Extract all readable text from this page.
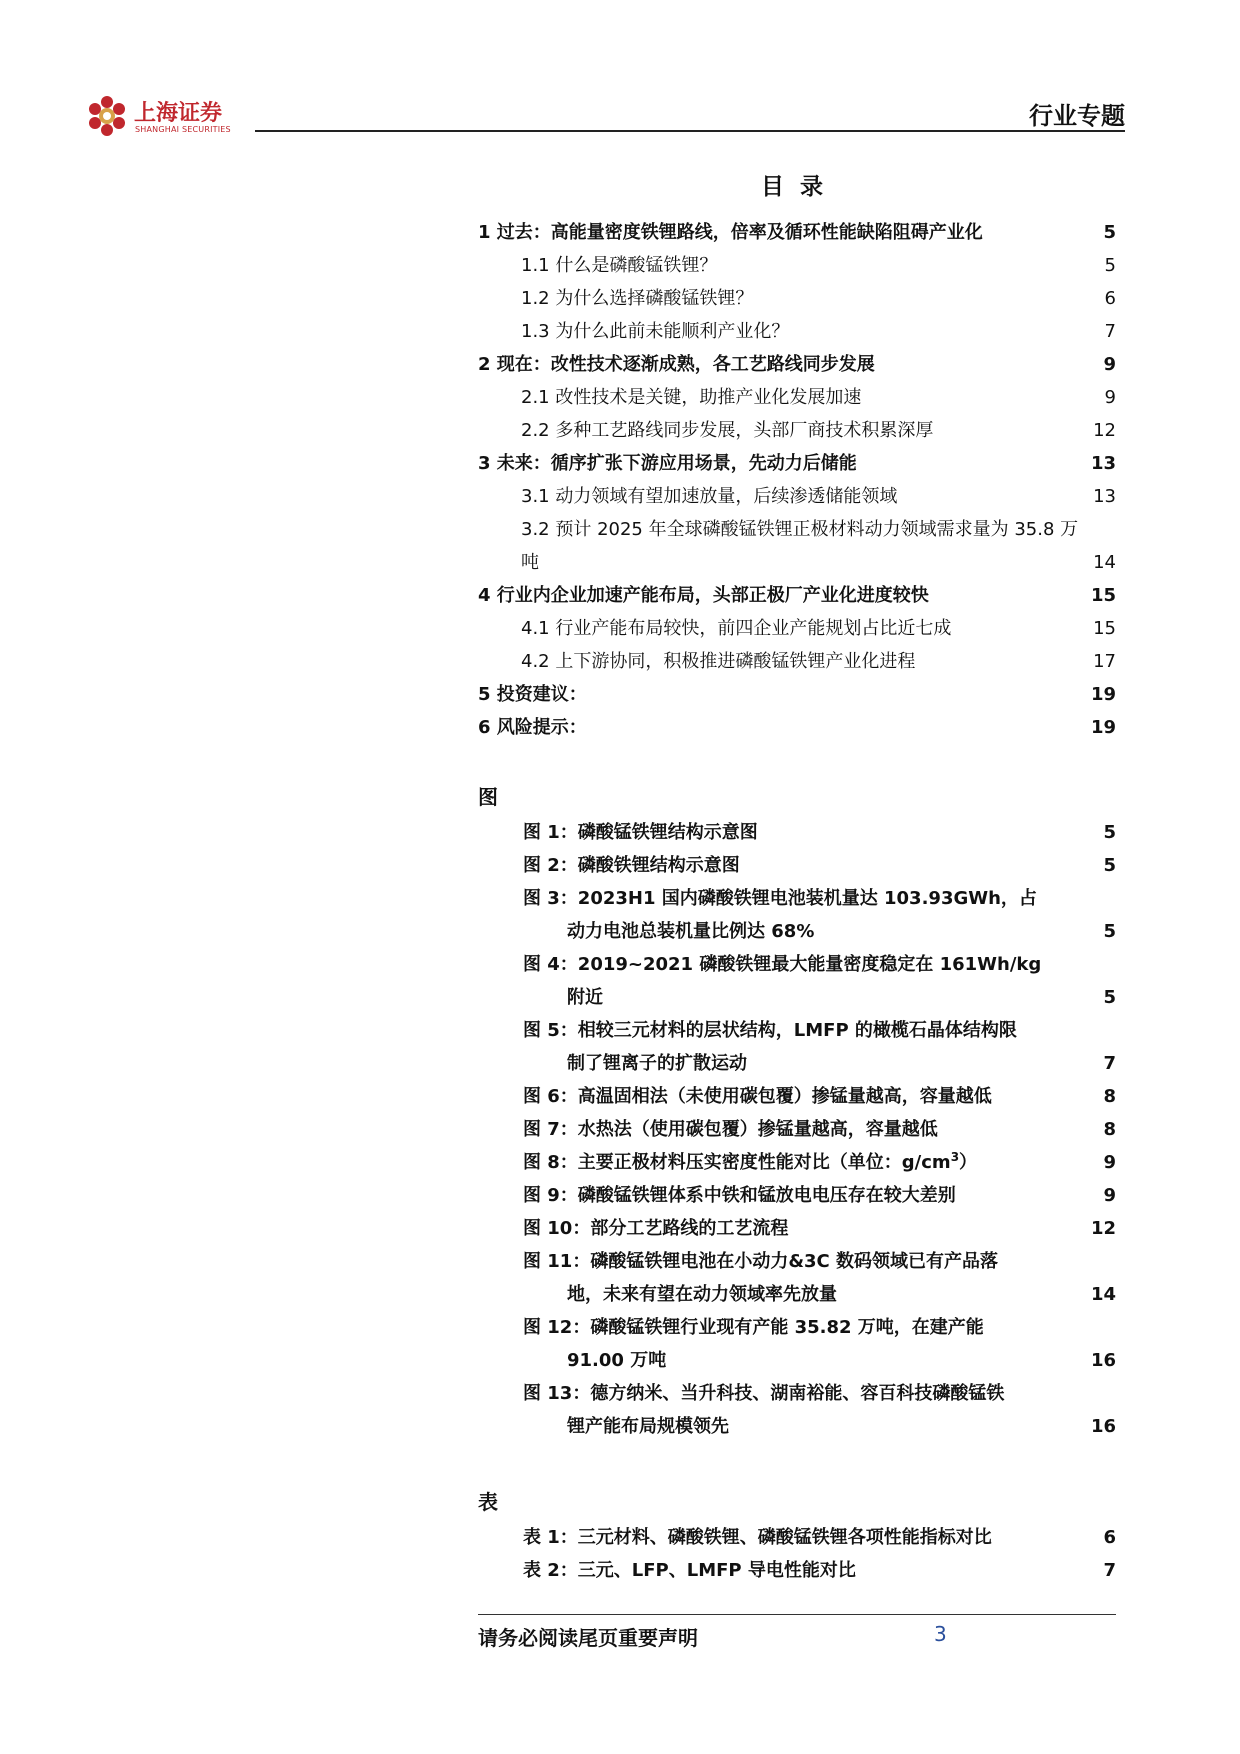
上海证券
SHANGHAI SECURITIES	行业专题
目录
1 过去：高能量密度铁锂路线，倍率及循环性能缺陷阻碍产业化	5
1.1 什么是磷酸锰铁锂？	5
1.2 为什么选择磷酸锰铁锂？	6
1.3 为什么此前未能顺利产业化？	7
2 现在：改性技术逐渐成熟，各工艺路线同步发展	9
2.1 改性技术是关键，助推产业化发展加速	9
2.2 多种工艺路线同步发展，头部厂商技术积累深厚	12
3 未来：循序扩张下游应用场景，先动力后储能	13
3.1 动力领域有望加速放量，后续渗透储能领域	13
3.2 预计 2025 年全球磷酸锰铁锂正极材料动力领域需求量为 35.8 万吨	14
4 行业内企业加速产能布局，头部正极厂产业化进度较快	15
4.1 行业产能布局较快，前四企业产能规划占比近七成	15
4.2 上下游协同，积极推进磷酸锰铁锂产业化进程	17
5 投资建议：	19
6 风险提示：	19
图
图 1：磷酸锰铁锂结构示意图	5
图 2：磷酸铁锂结构示意图	5
图 3：2023H1 国内磷酸铁锂电池装机量达 103.93GWh，占
动力电池总装机量比例达 68%	5
图 4：2019~2021 磷酸铁锂最大能量密度稳定在 161Wh/kg
附近	5
图 5：相较三元材料的层状结构，LMFP 的橄榄石晶体结构限
制了锂离子的扩散运动	7
图 6：高温固相法（未使用碳包覆）掺锰量越高，容量越低	8
图 7：水热法（使用碳包覆）掺锰量越高，容量越低	8
图 8：主要正极材料压实密度性能对比（单位：$g/cm^3$）	9
图 9：磷酸锰铁锂体系中铁和锰放电电压存在较大差别	9
图 10：部分工艺路线的工艺流程	12
图 11：磷酸锰铁锂电池在小动力&3C 数码领域已有产品落
地，未来有望在动力领域率先放量	14
图 12：磷酸锰铁锂行业现有产能 35.82 万吨，在建产能
91.00 万吨	16
图 13：德方纳米、当升科技、湖南裕能、容百科技磷酸锰铁
锂产能布局规模领先	16
表
表 1：三元材料、磷酸铁锂、磷酸锰铁锂各项性能指标对比	6
表 2：三元、LFP、LMFP 导电性能对比	7
请务必阅读尾页重要声明	3
